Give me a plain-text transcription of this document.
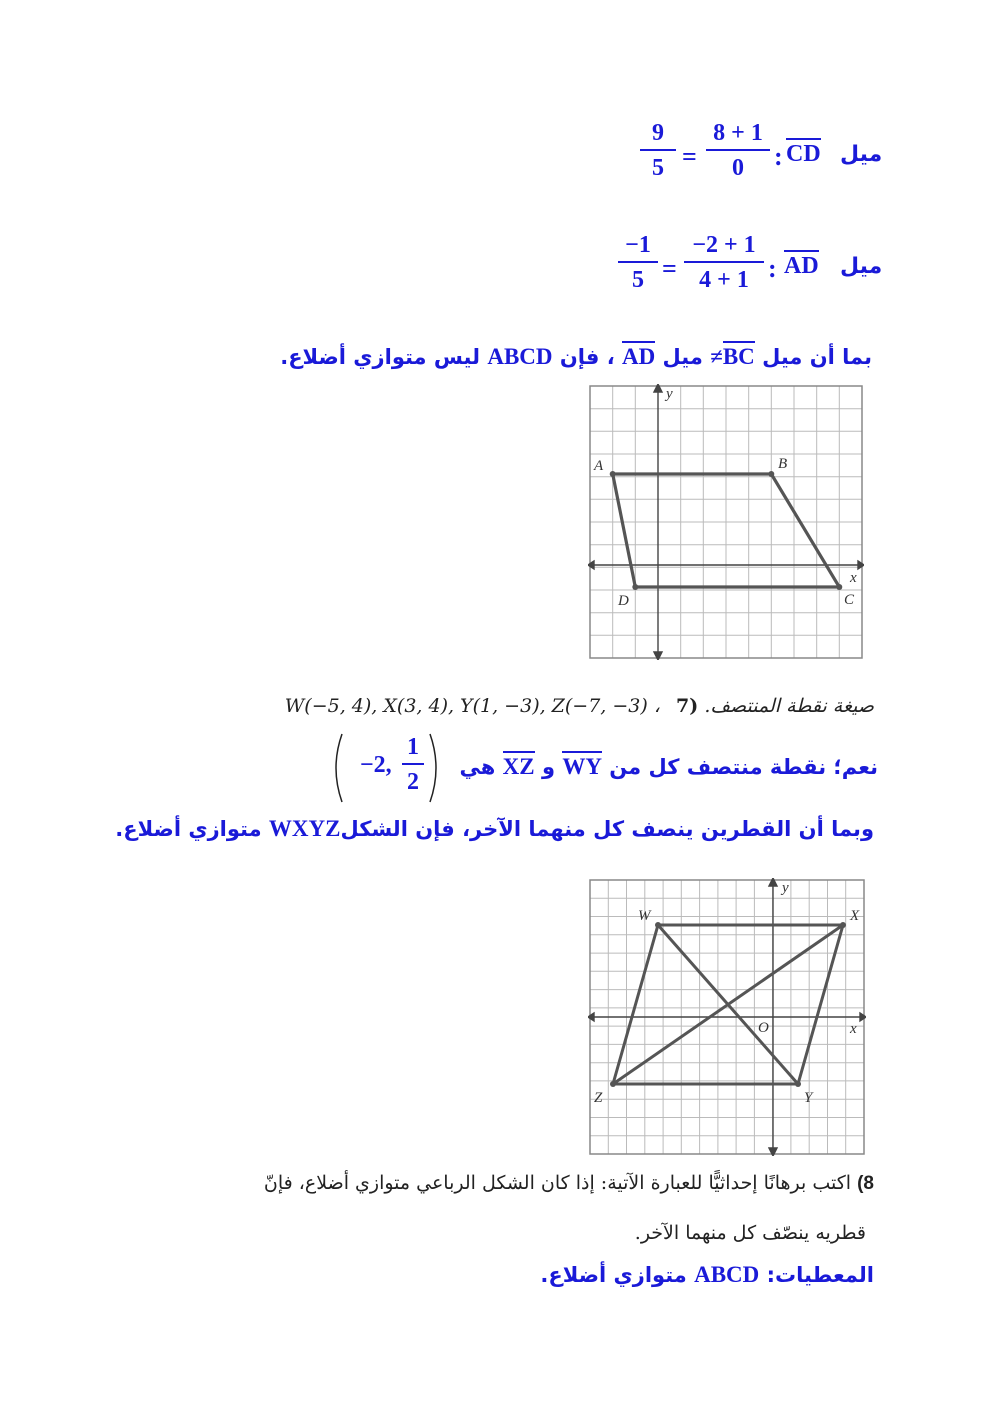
$\frac{9}{5} = \frac{8 + 1}{0}$ : CD ميل
$\frac{-1}{5} = \frac{-2 + 1}{4 + 1}$ : AD ميل
بما أن ميل BC≠ ميل AD ، فإن ABCD ليس متوازي أضلاع.
A	B
C
D
x
y
W(−5, 4), X(3, 4), Y(1, −3), Z(−7, −3) ، صيغة نقطة المنتصف. (7
−2, $\frac{1}{2}$	نعم؛ نقطة منتصف كل من WY و XZ هي
وبما أن القطرين ينصف كل منهما الآخر، فإن الشكلWXYZ متوازي أضلاع.
W	X
Y
Z
O	x
y
8) اكتب برهانًا إحداثيًّا للعبارة الآتية: إذا كان الشكل الرباعي متوازي أضلاع، فإنّ
قطريه ينصّف كل منهما الآخر.
المعطيات: ABCD متوازي أضلاع.
